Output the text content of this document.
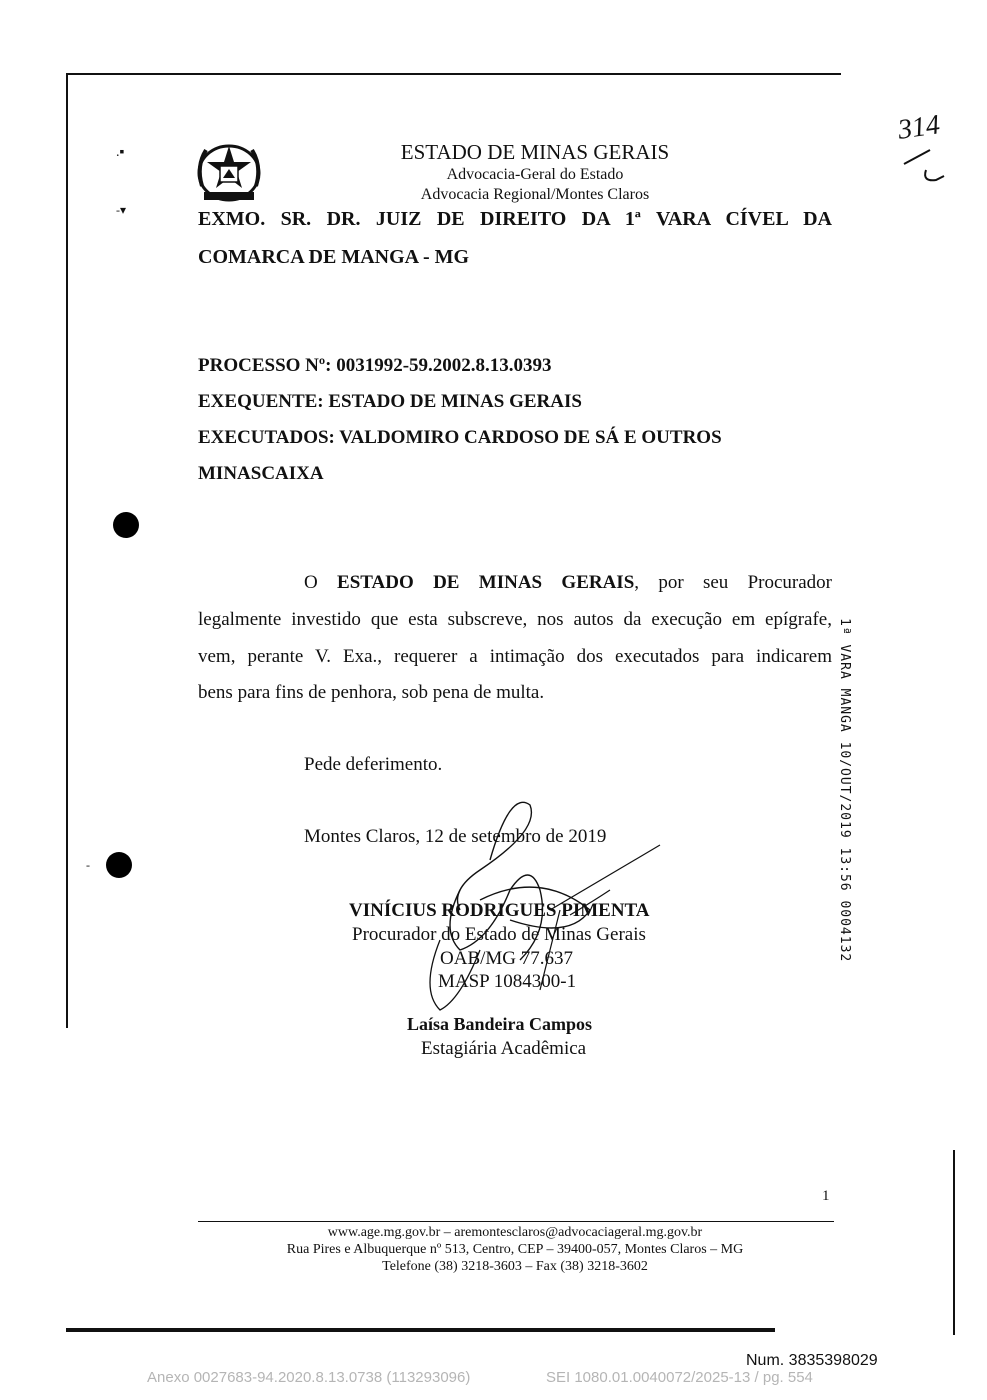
.▪
-▾
ESTADO DE MINAS GERAIS
Advocacia-Geral do Estado
Advocacia Regional/Montes Claros
314
EXMO. SR. DR. JUIZ DE DIREITO DA 1ª VARA CÍVEL DA
COMARCA DE MANGA - MG
PROCESSO Nº: 0031992-59.2002.8.13.0393
EXEQUENTE: ESTADO DE MINAS GERAIS
EXECUTADOS: VALDOMIRO CARDOSO DE SÁ E OUTROS
MINASCAIXA
-
O ESTADO DE MINAS GERAIS, por seu Procurador
legalmente investido que esta subscreve, nos autos da execução em epígrafe,
vem, perante V. Exa., requerer a intimação dos executados para indicarem
bens para fins de penhora, sob pena de multa.
Pede deferimento.
Montes Claros, 12 de setembro de 2019
VINÍCIUS RODRIGUES PIMENTA
Procurador do Estado de Minas Gerais
OAB/MG 77.637
MASP 1084300-1
Laísa Bandeira Campos
Estagiária Acadêmica
1ª VARA MANGA 10/OUT/2019 13:56 0004132
1
www.age.mg.gov.br – aremontesclaros@advocaciageral.mg.gov.br
Rua Pires e Albuquerque nº 513, Centro, CEP – 39400-057, Montes Claros – MG
Telefone (38) 3218-3603 – Fax (38) 3218-3602
Num. 3835398029
Anexo 0027683-94.2020.8.13.0738 (113293096)	SEI 1080.01.0040072/2025-13 / pg. 554
